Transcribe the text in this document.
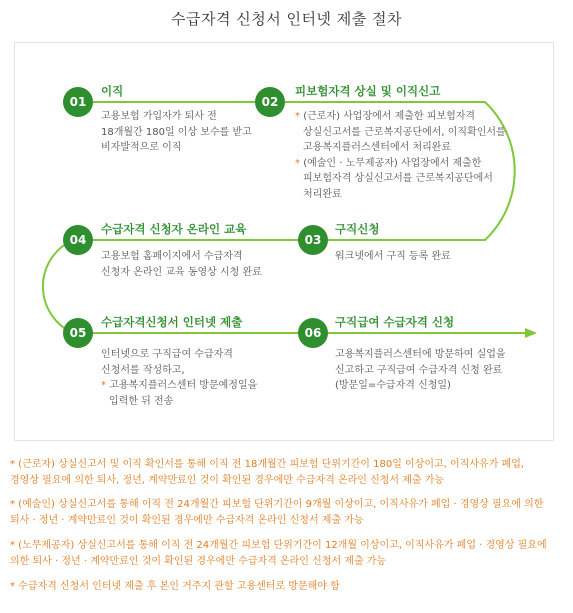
수급자격 신청서 인터넷 제출 절차
01
이직
고용보험 가입자가 퇴사 전
18개월간 180일 이상 보수를 받고
비자발적으로 이직
02
피보험자격 상실 및 이직신고
* (근로자) 사업장에서 제출한 피보험자격
상실신고서를 근로복지공단에서, 이직확인서를
고용복지플러스센터에서 처리완료
* (예술인 · 노무제공자) 사업장에서 제출한
피보험자격 상실신고서를 근로복지공단에서
처리완료
04
수급자격 신청자 온라인 교육
고용보험 홈페이지에서 수급자격
신청자 온라인 교육 동영상 시청 완료
03
구직신청
워크넷에서 구직 등록 완료
05
수급자격신청서 인터넷 제출
인터넷으로 구직급여 수급자격
신청서를 작성하고,
* 고용복지플러스센터 방문예정일을
입력한 뒤 전송
06
구직급여 수급자격 신청
고용복지플러스센터에 방문하여 실업을
신고하고 구직급여 수급자격 신청 완료
(방문일=수급자격 신청일)
* (근로자) 상실신고서 및 이직 확인서를 통해 이직 전 18개월간 피보험 단위기간이 180일 이상이고, 이직사유가 폐업,
경영상 필요에 의한 퇴사, 정년, 계약만료인 것이 확인된 경우에만 수급자격 온라인 신청서 제출 가능
* (예술인) 상실신고서를 통해 이직 전 24개월간 피보험 단위기간이 9개월 이상이고, 이직사유가 폐업 · 경영상 필요에 의한
퇴사 · 정년 · 계약만료인 것이 확인된 경우에만 수급자격 온라인 신청서 제출 가능
* (노무제공자) 상실신고서를 통해 이직 전 24개월간 피보험 단위기간이 12개월 이상이고, 이직사유가 폐업 · 경영상 필요에
의한 퇴사 · 정년 · 계약만료인 것이 확인된 경우에만 수급자격 온라인 신청서 제출 가능
* 수급자격 신청서 인터넷 제출 후 본인 거주지 관할 고용센터로 방문해야 함
